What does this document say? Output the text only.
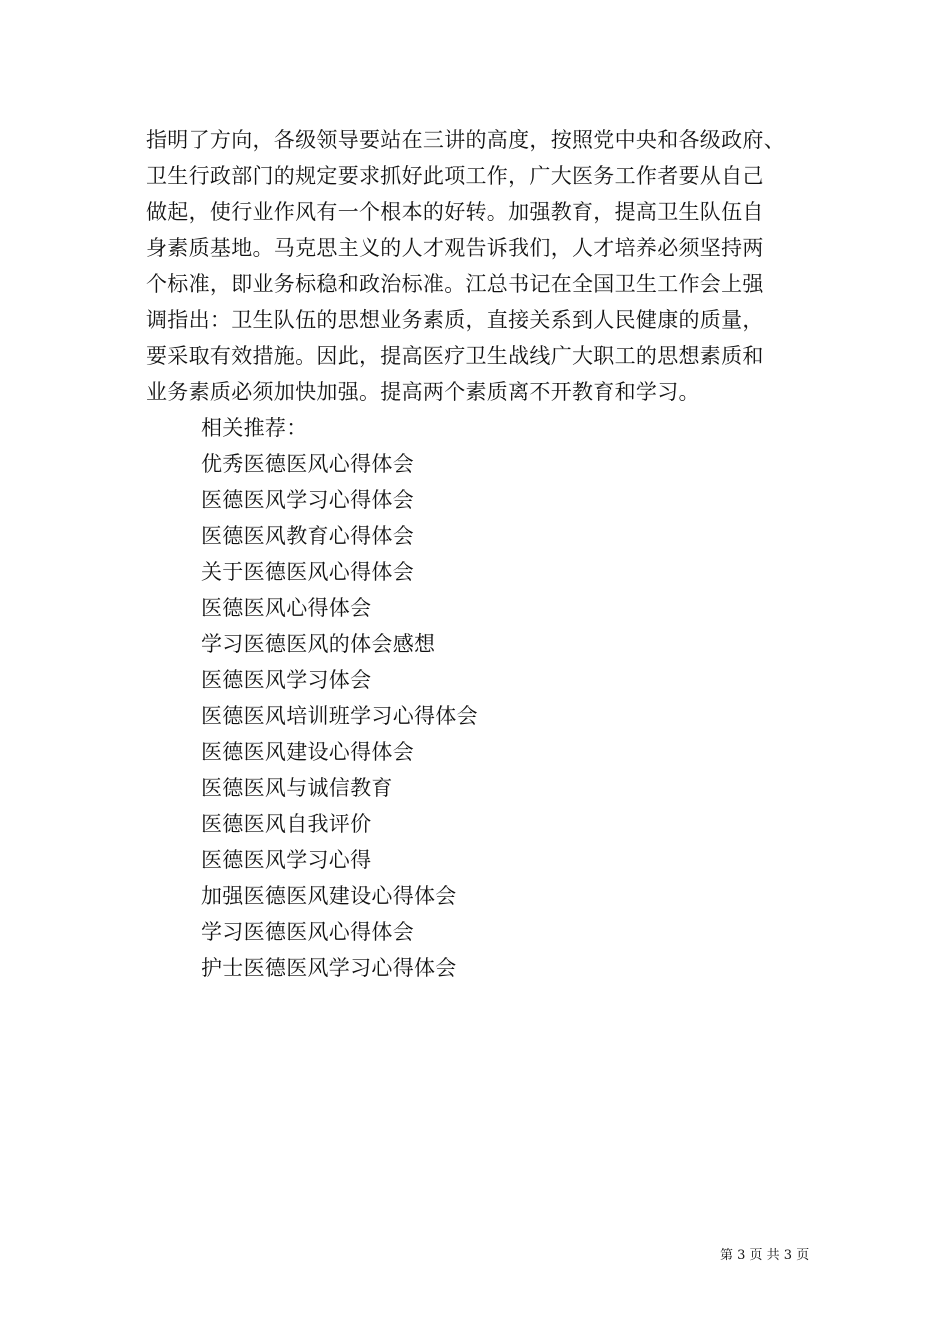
指明了方向，各级领导要站在三讲的高度，按照党中央和各级政府、
卫生行政部门的规定要求抓好此项工作，广大医务工作者要从自己
做起，使行业作风有一个根本的好转。加强教育，提高卫生队伍自
身素质基地。马克思主义的人才观告诉我们，人才培养必须坚持两
个标准，即业务标稳和政治标准。江总书记在全国卫生工作会上强
调指出：卫生队伍的思想业务素质，直接关系到人民健康的质量，
要采取有效措施。因此，提高医疗卫生战线广大职工的思想素质和
业务素质必须加快加强。提高两个素质离不开教育和学习。
相关推荐：
优秀医德医风心得体会
医德医风学习心得体会
医德医风教育心得体会
关于医德医风心得体会
医德医风心得体会
学习医德医风的体会感想
医德医风学习体会
医德医风培训班学习心得体会
医德医风建设心得体会
医德医风与诚信教育
医德医风自我评价
医德医风学习心得
加强医德医风建设心得体会
学习医德医风心得体会
护士医德医风学习心得体会
第 3 页 共 3 页
